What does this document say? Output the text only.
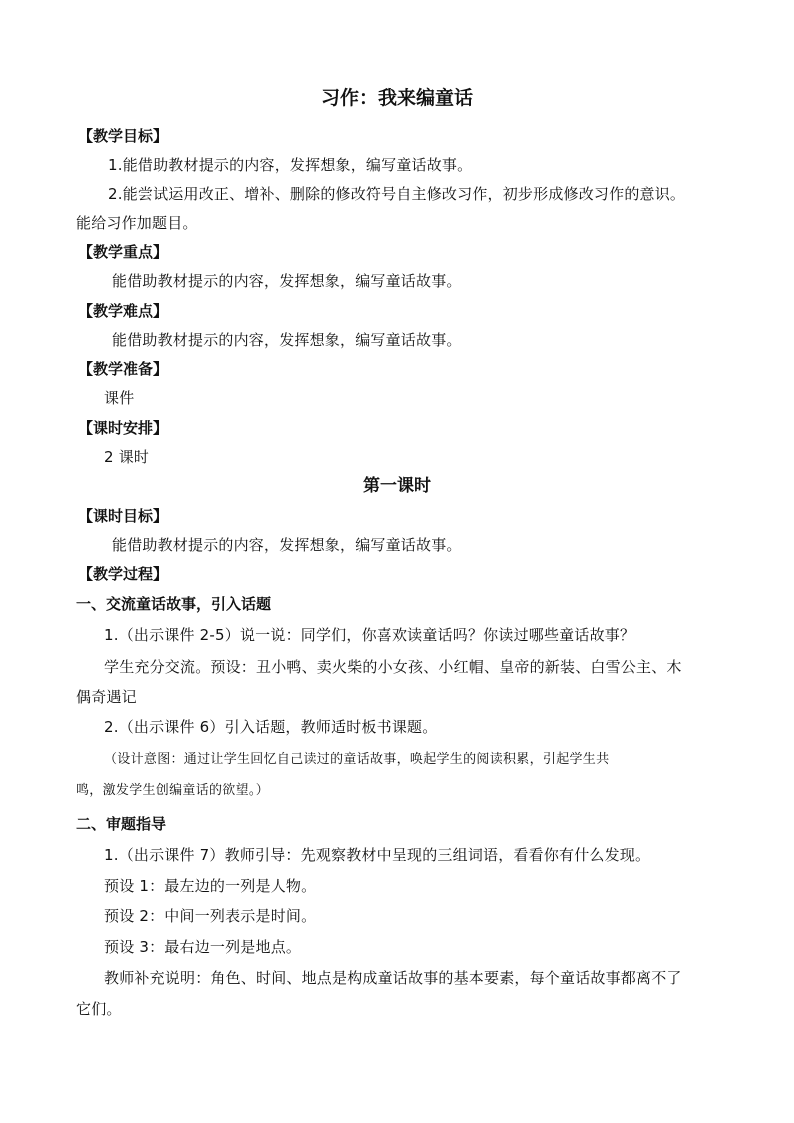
习作：我来编童话
【教学目标】
1.能借助教材提示的内容，发挥想象，编写童话故事。
2.能尝试运用改正、增补、删除的修改符号自主修改习作，初步形成修改习作的意识。
能给习作加题目。
【教学重点】
能借助教材提示的内容，发挥想象，编写童话故事。
【教学难点】
能借助教材提示的内容，发挥想象，编写童话故事。
【教学准备】
课件
【课时安排】
2 课时
第一课时
【课时目标】
能借助教材提示的内容，发挥想象，编写童话故事。
【教学过程】
一、交流童话故事，引入话题
1.（出示课件 2-5）说一说：同学们，你喜欢读童话吗？你读过哪些童话故事？
学生充分交流。预设：丑小鸭、卖火柴的小女孩、小红帽、皇帝的新装、白雪公主、木
偶奇遇记
2.（出示课件 6）引入话题，教师适时板书课题。
（设计意图：通过让学生回忆自己读过的童话故事，唤起学生的阅读积累，引起学生共
鸣，激发学生创编童话的欲望。）
二、审题指导
1.（出示课件 7）教师引导：先观察教材中呈现的三组词语，看看你有什么发现。
预设 1：最左边的一列是人物。
预设 2：中间一列表示是时间。
预设 3：最右边一列是地点。
教师补充说明：角色、时间、地点是构成童话故事的基本要素，每个童话故事都离不了
它们。
